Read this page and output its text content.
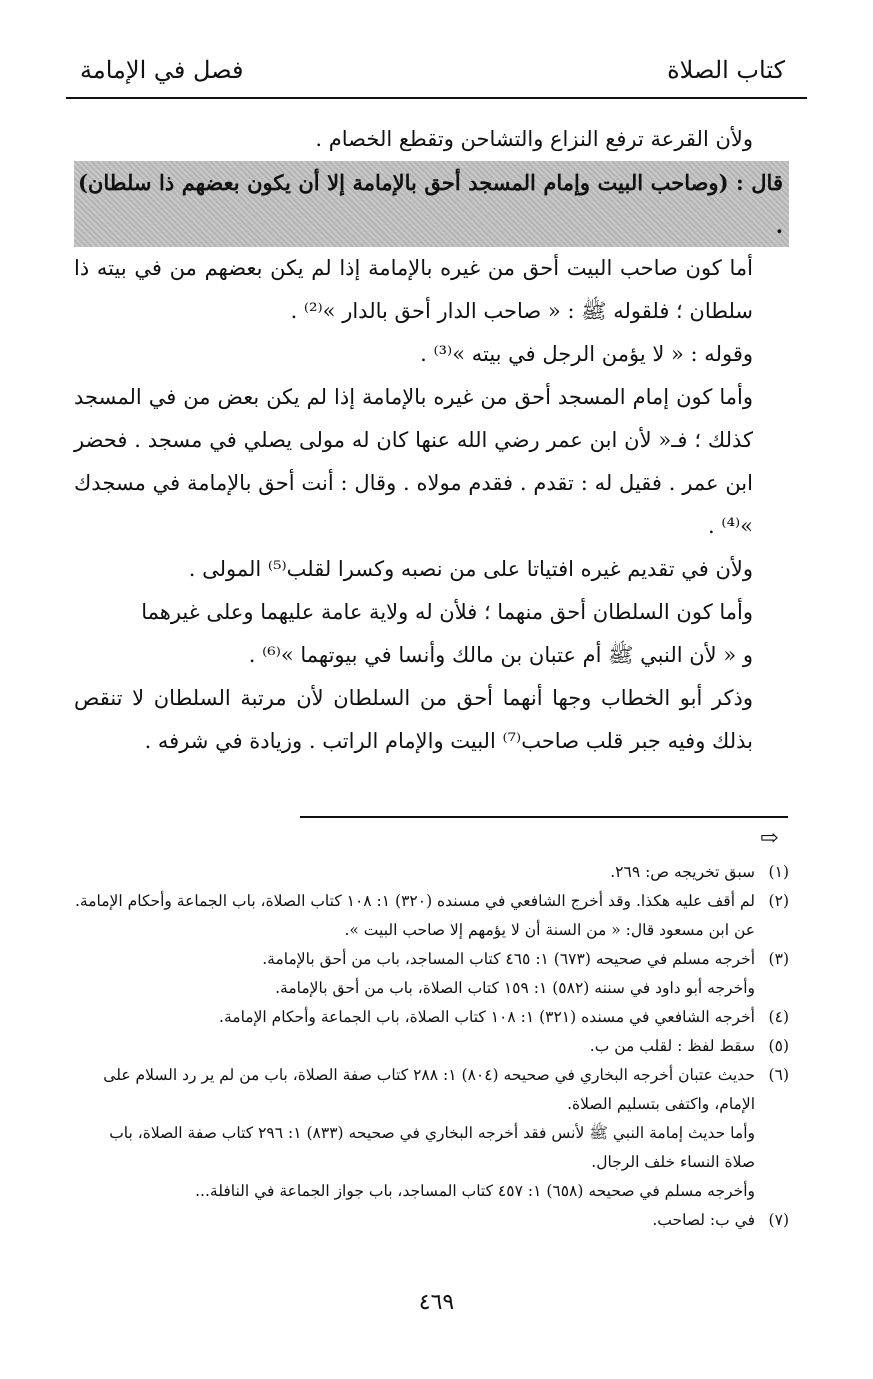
كتاب الصلاة
فصل في الإمامة

ولأن القرعة ترفع النزاع والتشاحن وتقطع الخصام .

قال : (وصاحب البيت وإمام المسجد أحق بالإمامة إلا أن يكون بعضهم ذا سلطان) .

أما كون صاحب البيت أحق من غيره بالإمامة إذا لم يكن بعضهم من في بيته ذا سلطان ؛ فلقوله ﷺ : « صاحب الدار أحق بالدار »⁽²⁾ .

وقوله : « لا يؤمن الرجل في بيته »⁽³⁾ .

وأما كون إمام المسجد أحق من غيره بالإمامة إذا لم يكن بعض من في المسجد كذلك ؛ فـ« لأن ابن عمر رضي الله عنها كان له مولى يصلي في مسجد . فحضر ابن عمر . فقيل له : تقدم . فقدم مولاه . وقال : أنت أحق بالإمامة في مسجدك »⁽⁴⁾ .

ولأن في تقديم غيره افتياتا على من نصبه وكسرا لقلب⁽⁵⁾ المولى .

وأما كون السلطان أحق منهما ؛ فلأن له ولاية عامة عليهما وعلى غيرهما

و « لأن النبي ﷺ أم عتبان بن مالك وأنسا في بيوتهما »⁽⁶⁾ .

وذكر أبو الخطاب وجها أنهما أحق من السلطان لأن مرتبة السلطان لا تنقص بذلك وفيه جبر قلب صاحب⁽⁷⁾ البيت والإمام الراتب . وزيادة في شرفه .

⇨
(١)

سبق تخريجه ص: ٢٦٩.

(٢)

لم أقف عليه هكذا. وقد أخرج الشافعي في مسنده (٣٢٠) ١: ١٠٨ كتاب الصلاة، باب الجماعة وأحكام الإمامة. عن ابن مسعود قال: « من السنة أن لا يؤمهم إلا صاحب البيت ».

(٣)

أخرجه مسلم في صحيحه (٦٧٣) ١: ٤٦٥ كتاب المساجد، باب من أحق بالإمامة.

وأخرجه أبو داود في سننه (٥٨٢) ١: ١٥٩ كتاب الصلاة، باب من أحق بالإمامة.

(٤)

أخرجه الشافعي في مسنده (٣٢١) ١: ١٠٨ كتاب الصلاة، باب الجماعة وأحكام الإمامة.

(٥)

سقط لفظ : لقلب من ب.

(٦)

حديث عتبان أخرجه البخاري في صحيحه (٨٠٤) ١: ٢٨٨ كتاب صفة الصلاة، باب من لم ير رد السلام على الإمام، واكتفى بتسليم الصلاة.

وأما حديث إمامة النبي ﷺ لأنس فقد أخرجه البخاري في صحيحه (٨٣٣) ١: ٢٩٦ كتاب صفة الصلاة، باب صلاة النساء خلف الرجال.

وأخرجه مسلم في صحيحه (٦٥٨) ١: ٤٥٧ كتاب المساجد، باب جواز الجماعة في النافلة...

(٧)

في ب: لصاحب.

٤٦٩
